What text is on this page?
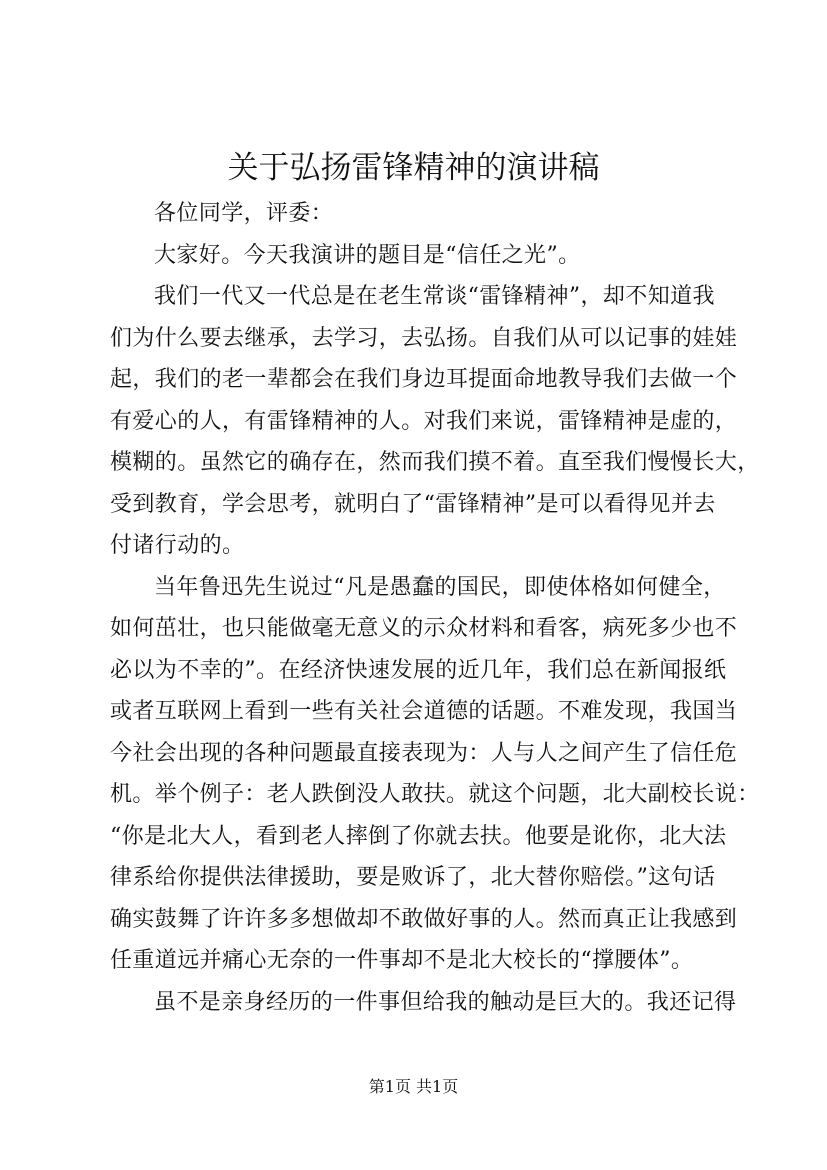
关于弘扬雷锋精神的演讲稿
各位同学，评委：
大家好。今天我演讲的题目是“信任之光”。
我们一代又一代总是在老生常谈“雷锋精神”，却不知道我
们为什么要去继承，去学习，去弘扬。自我们从可以记事的娃娃
起，我们的老一辈都会在我们身边耳提面命地教导我们去做一个
有爱心的人，有雷锋精神的人。对我们来说，雷锋精神是虚的，
模糊的。虽然它的确存在，然而我们摸不着。直至我们慢慢长大，
受到教育，学会思考，就明白了“雷锋精神”是可以看得见并去
付诸行动的。
当年鲁迅先生说过“凡是愚蠢的国民，即使体格如何健全，
如何茁壮，也只能做毫无意义的示众材料和看客，病死多少也不
必以为不幸的”。在经济快速发展的近几年，我们总在新闻报纸
或者互联网上看到一些有关社会道德的话题。不难发现，我国当
今社会出现的各种问题最直接表现为：人与人之间产生了信任危
机。举个例子：老人跌倒没人敢扶。就这个问题，北大副校长说：
“你是北大人，看到老人摔倒了你就去扶。他要是讹你，北大法
律系给你提供法律援助，要是败诉了，北大替你赔偿。”这句话
确实鼓舞了许许多多想做却不敢做好事的人。然而真正让我感到
任重道远并痛心无奈的一件事却不是北大校长的“撑腰体”。
虽不是亲身经历的一件事但给我的触动是巨大的。我还记得
第1页 共1页
